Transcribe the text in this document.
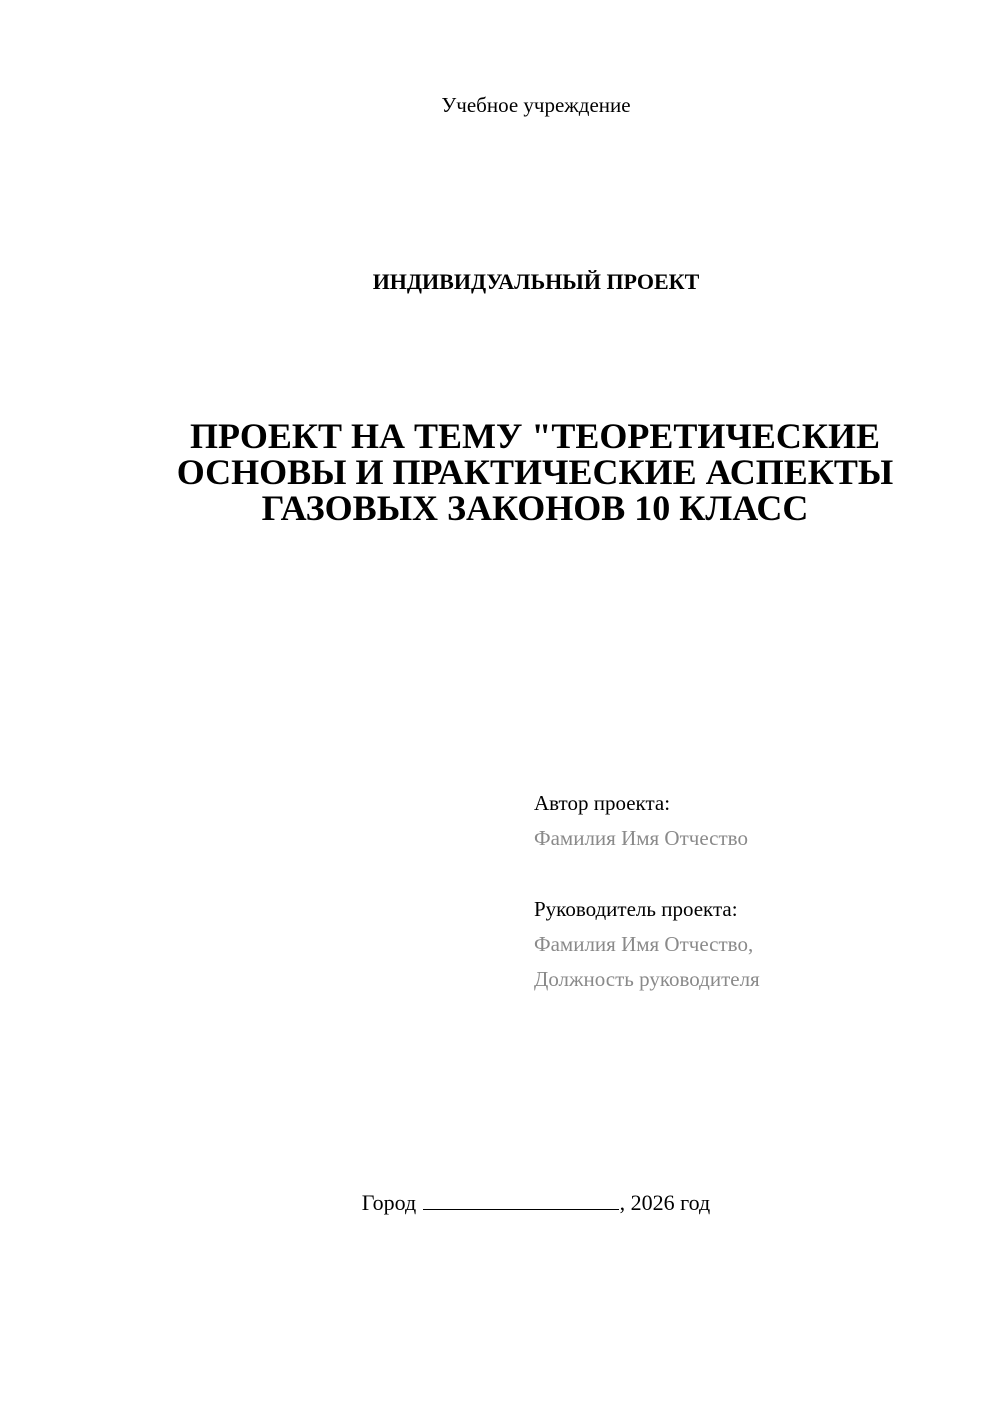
Учебное учреждение
ИНДИВИДУАЛЬНЫЙ ПРОЕКТ
ПРОЕКТ НА ТЕМУ "ТЕОРЕТИЧЕСКИЕ
ОСНОВЫ И ПРАКТИЧЕСКИЕ АСПЕКТЫ
ГАЗОВЫХ ЗАКОНОВ 10 КЛАСС
Автор проекта:
Фамилия Имя Отчество
Руководитель проекта:
Фамилия Имя Отчество,
Должность руководителя
Город	, 2026 год
